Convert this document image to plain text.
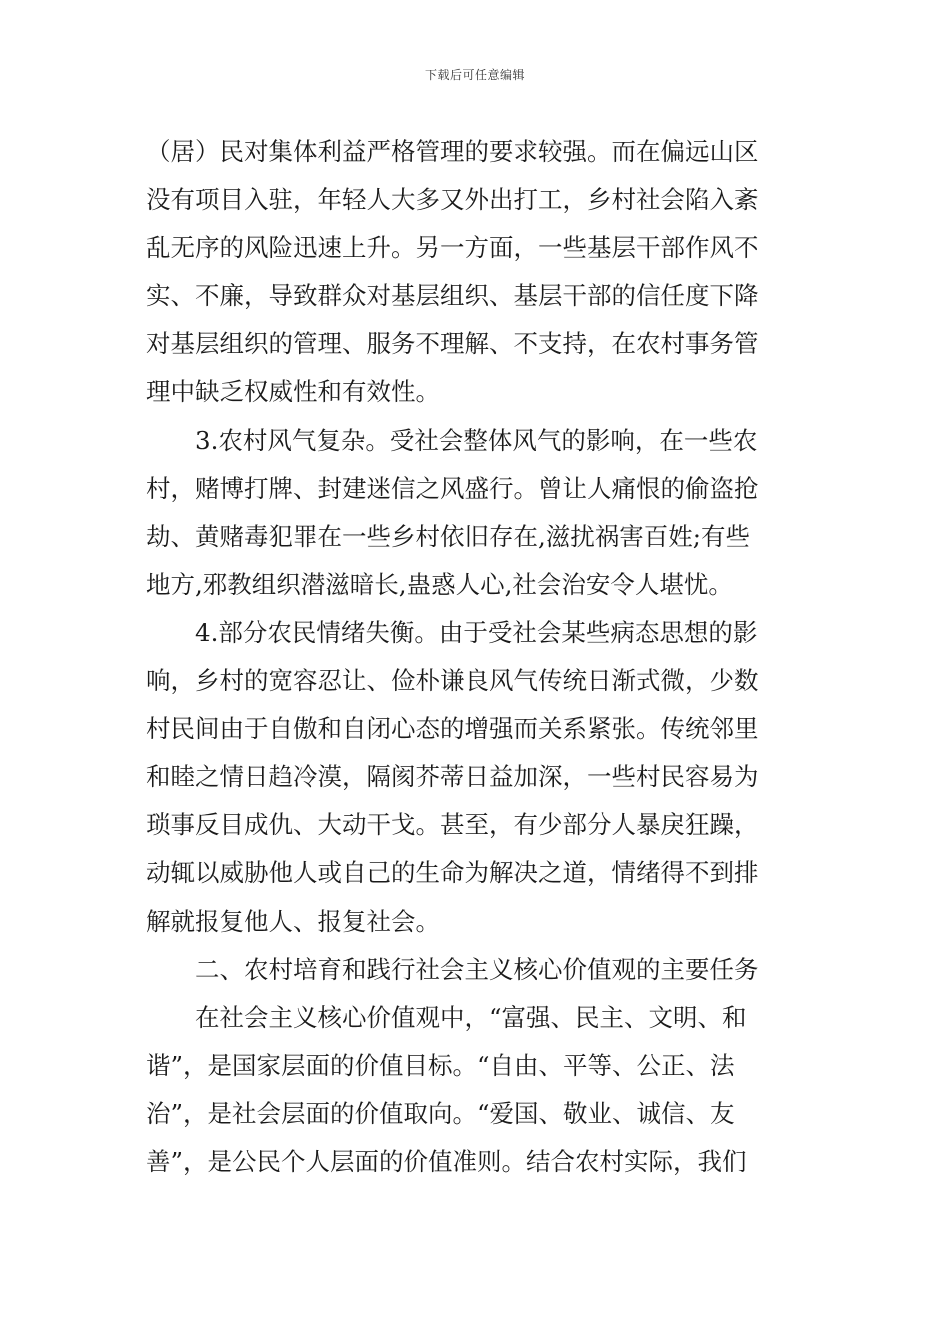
下载后可任意编辑
（居）民对集体利益严格管理的要求较强。而在偏远山区
没有项目入驻，年轻人大多又外出打工，乡村社会陷入紊
乱无序的风险迅速上升。另一方面，一些基层干部作风不
实、不廉，导致群众对基层组织、基层干部的信任度下降
对基层组织的管理、服务不理解、不支持，在农村事务管
理中缺乏权威性和有效性。
3.农村风气复杂。受社会整体风气的影响，在一些农
村，赌博打牌、封建迷信之风盛行。曾让人痛恨的偷盗抢
劫、黄赌毒犯罪在一些乡村依旧存在,滋扰祸害百姓;有些
地方,邪教组织潜滋暗长,蛊惑人心,社会治安令人堪忧。
4.部分农民情绪失衡。由于受社会某些病态思想的影
响，乡村的宽容忍让、俭朴谦良风气传统日渐式微，少数
村民间由于自傲和自闭心态的增强而关系紧张。传统邻里
和睦之情日趋冷漠，隔阂芥蒂日益加深，一些村民容易为
琐事反目成仇、大动干戈。甚至，有少部分人暴戾狂躁，
动辄以威胁他人或自己的生命为解决之道，情绪得不到排
解就报复他人、报复社会。
二、农村培育和践行社会主义核心价值观的主要任务
在社会主义核心价值观中，“富强、民主、文明、和
谐”，是国家层面的价值目标。“自由、平等、公正、法
治”，是社会层面的价值取向。“爱国、敬业、诚信、友
善”，是公民个人层面的价值准则。结合农村实际，我们
